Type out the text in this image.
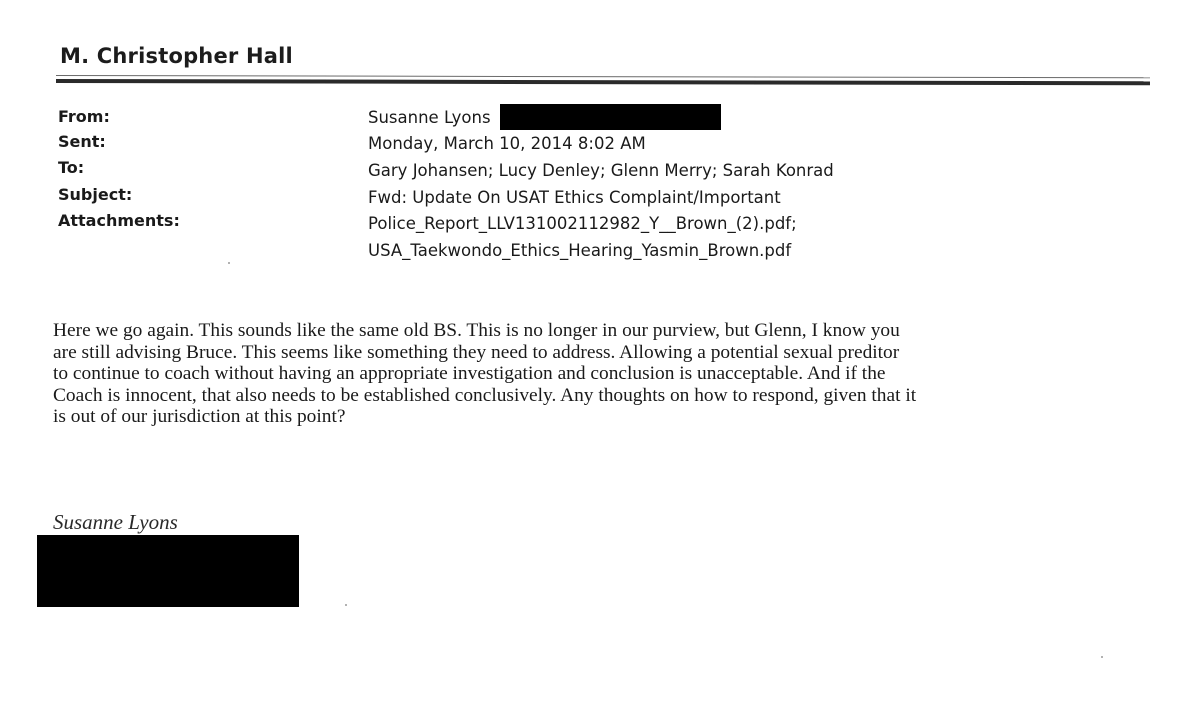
M. Christopher Hall
From:
Sent:
To:
Subject:
Attachments:
Susanne Lyons
Monday, March 10, 2014 8:02 AM
Gary Johansen; Lucy Denley; Glenn Merry; Sarah Konrad
Fwd: Update On USAT Ethics Complaint/Important
Police_Report_LLV131002112982_Y__Brown_(2).pdf;
USA_Taekwondo_Ethics_Hearing_Yasmin_Brown.pdf
Here we go again. This sounds like the same old BS. This is no longer in our purview, but Glenn, I know you
are still advising Bruce. This seems like something they need to address. Allowing a potential sexual preditor
to continue to coach without having an appropriate investigation and conclusion is unacceptable. And if the
Coach is innocent, that also needs to be established conclusively. Any thoughts on how to respond, given that it
is out of our jurisdiction at this point?
Susanne Lyons
